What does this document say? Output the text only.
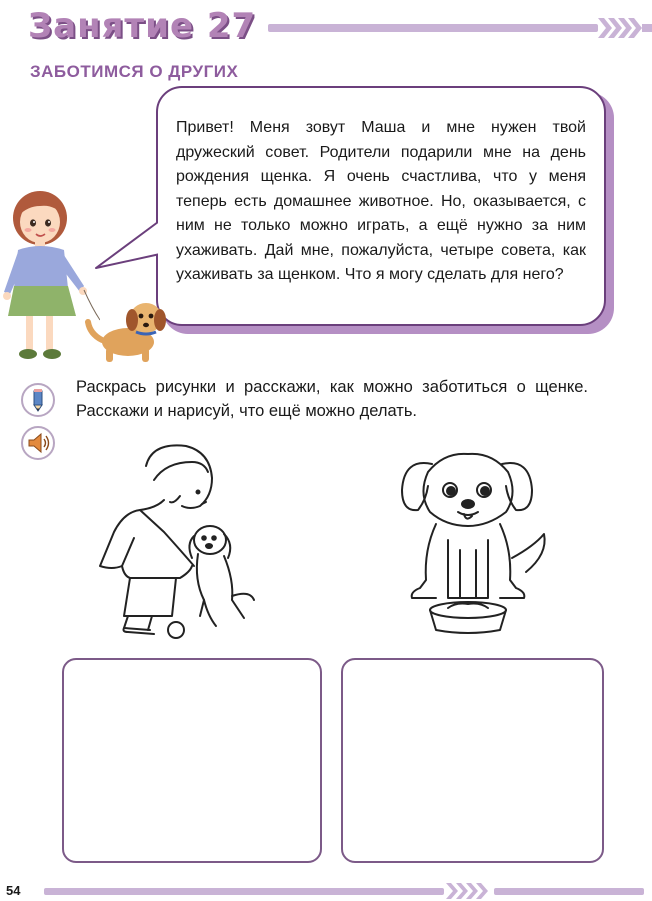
Занятие 27
ЗАБОТИМСЯ О ДРУГИХ

Привет! Меня зовут Маша и мне нужен твой дружеский совет. Родители подарили мне на день рождения щенка. Я очень счастлива, что у меня теперь есть домашнее животное. Но, оказывается, с ним не только можно играть, а ещё нужно за ним ухаживать. Дай мне, пожалуйста, четыре совета, как ухаживать за щенком. Что я могу сделать для него?

Раскрась рисунки и расскажи, как можно заботиться о щенке. Расскажи и нарисуй, что ещё можно делать.

54
